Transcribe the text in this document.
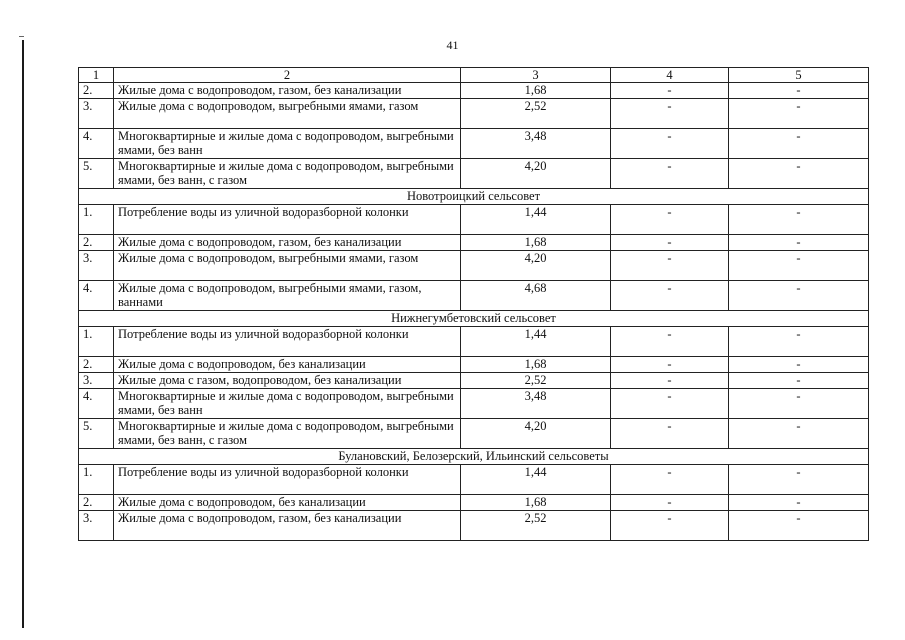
41
1	2	3	4	5
2.	Жилые дома с водопроводом, газом, без канализации	1,68	-	-
3.	Жилые дома с водопроводом, выгребными ямами, газом	2,52	-	-
4.	Многоквартирные и жилые дома с водопроводом, выгребными ямами, без ванн	3,48	-	-
5.	Многоквартирные и жилые дома с водопроводом, выгребными ямами, без ванн, с газом	4,20	-	-
Новотроицкий сельсовет				
1.	Потребление воды из уличной водоразборной колонки	1,44	-	-
2.	Жилые дома с водопроводом, газом, без канализации	1,68	-	-
3.	Жилые дома с водопроводом, выгребными ямами, газом	4,20	-	-
4.	Жилые дома с водопроводом, выгребными ямами, газом, ваннами	4,68	-	-
Нижнегумбетовский сельсовет				
1.	Потребление воды из уличной водоразборной колонки	1,44	-	-
2.	Жилые дома с водопроводом, без канализации	1,68	-	-
3.	Жилые дома с газом, водопроводом, без канализации	2,52	-	-
4.	Многоквартирные и жилые дома с водопроводом, выгребными ямами, без ванн	3,48	-	-
5.	Многоквартирные и жилые дома с водопроводом, выгребными ямами, без ванн, с газом	4,20	-	-
Булановский, Белозерский, Ильинский сельсоветы				
1.	Потребление воды из уличной водоразборной колонки	1,44	-	-
2.	Жилые дома с водопроводом, без канализации	1,68	-	-
3.	Жилые дома с водопроводом, газом, без канализации	2,52	-	-
